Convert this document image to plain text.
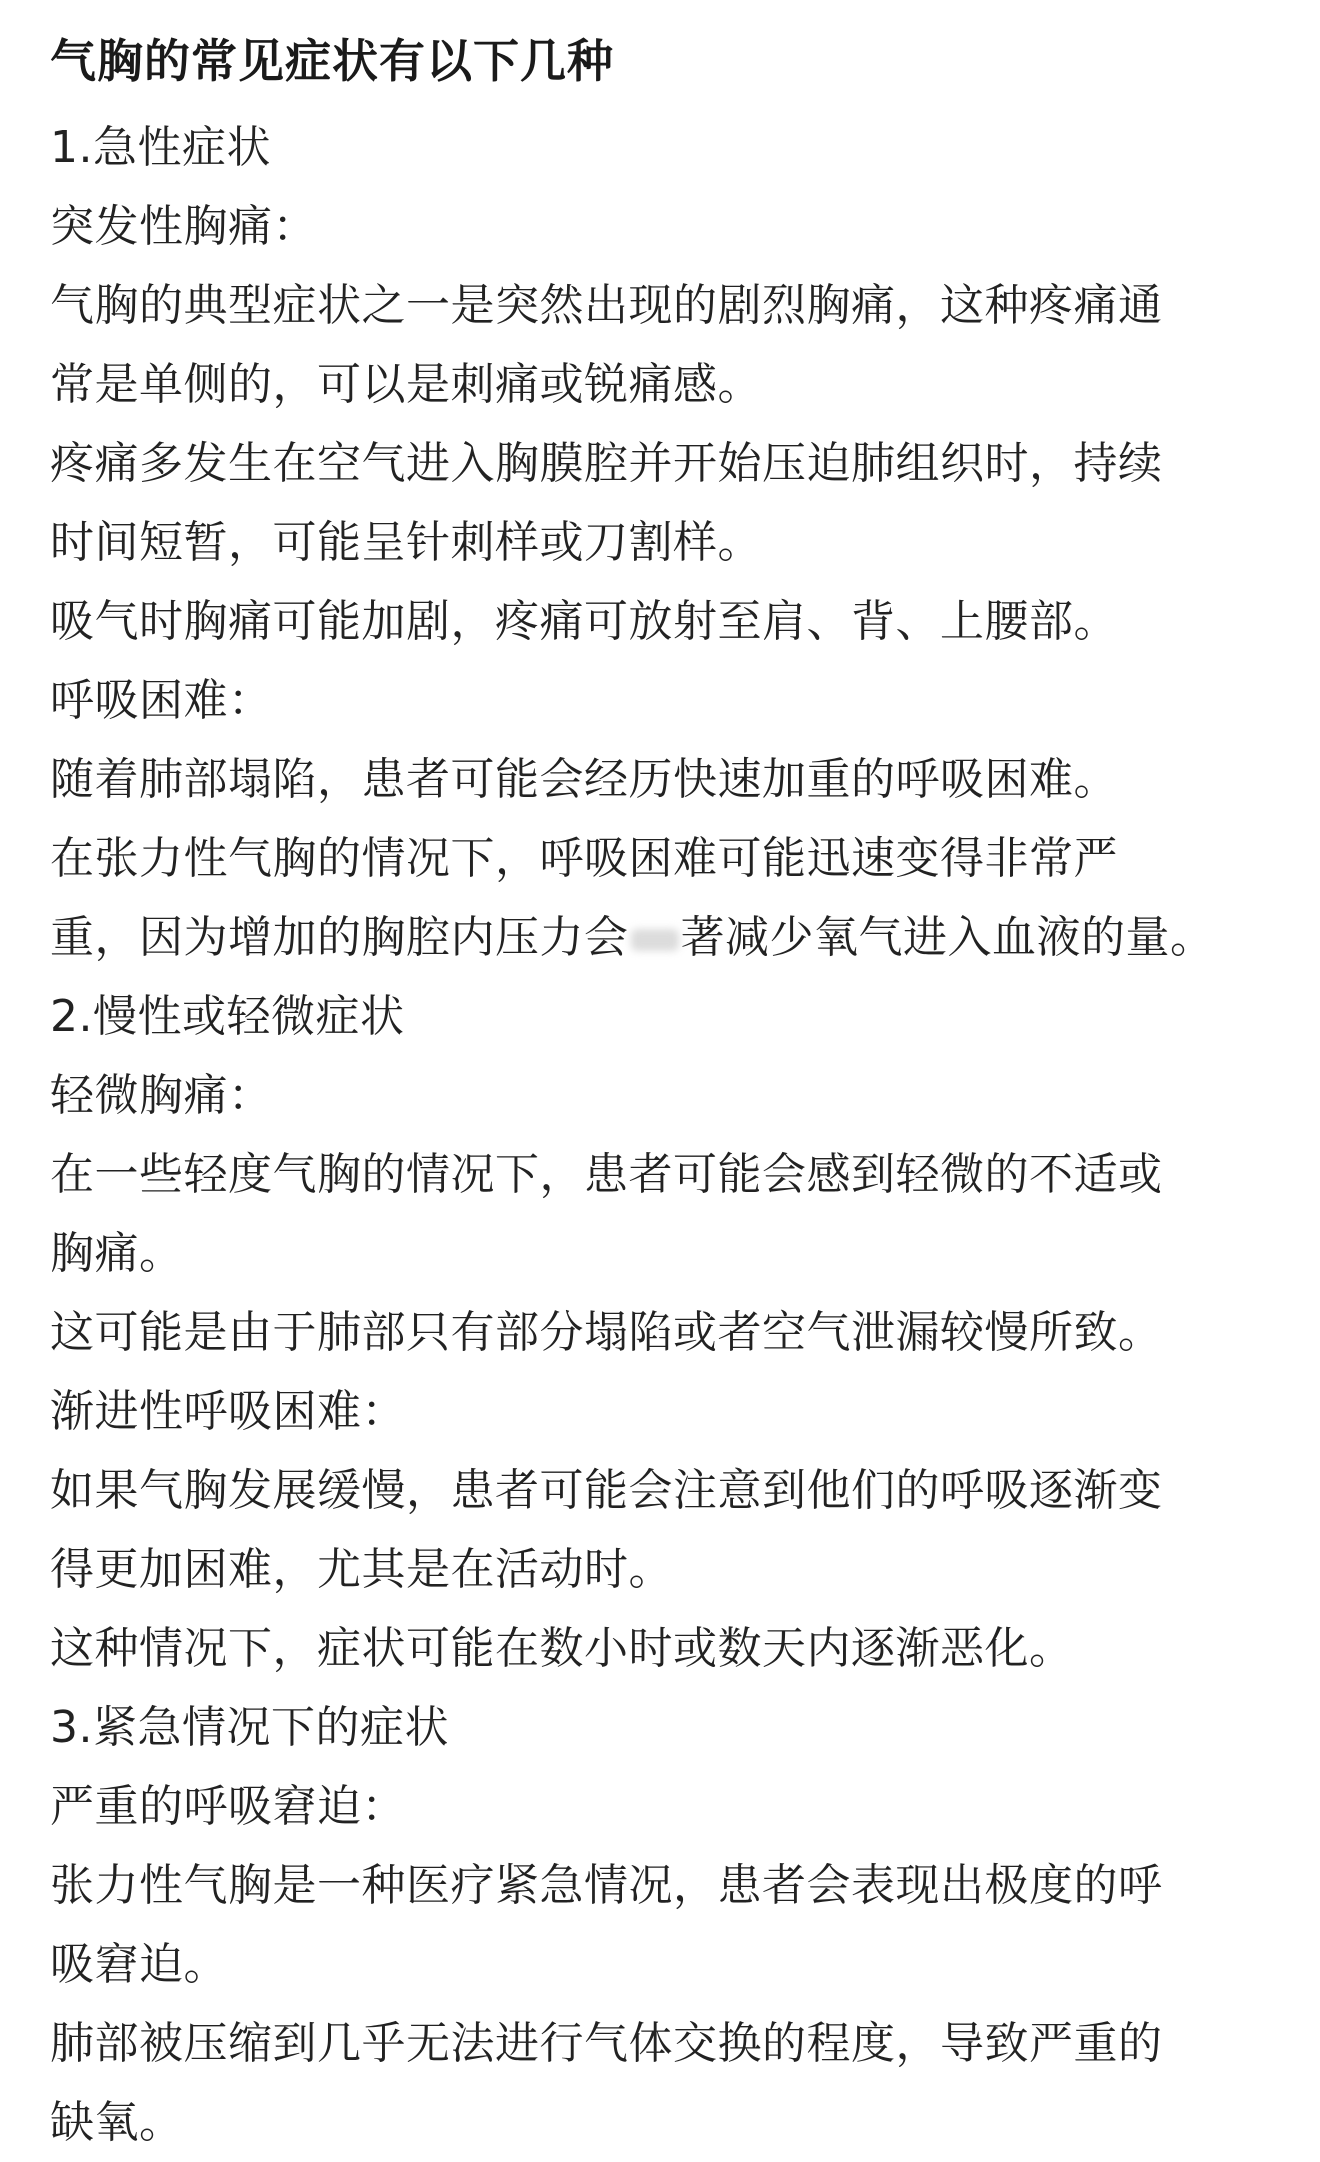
气胸的常见症状有以下几种

1.急性症状

突发性胸痛：

气胸的典型症状之一是突然出现的剧烈胸痛，这种疼痛通

常是单侧的，可以是刺痛或锐痛感。

疼痛多发生在空气进入胸膜腔并开始压迫肺组织时，持续

时间短暂，可能呈针刺样或刀割样。

吸气时胸痛可能加剧，疼痛可放射至肩、背、上腰部。

呼吸困难：

随着肺部塌陷，患者可能会经历快速加重的呼吸困难。

在张力性气胸的情况下，呼吸困难可能迅速变得非常严

重，因为增加的胸腔内压力会 著减少氧气进入血液的量。

2.慢性或轻微症状

轻微胸痛：

在一些轻度气胸的情况下，患者可能会感到轻微的不适或

胸痛。

这可能是由于肺部只有部分塌陷或者空气泄漏较慢所致。

渐进性呼吸困难：

如果气胸发展缓慢，患者可能会注意到他们的呼吸逐渐变

得更加困难，尤其是在活动时。

这种情况下，症状可能在数小时或数天内逐渐恶化。

3.紧急情况下的症状

严重的呼吸窘迫：

张力性气胸是一种医疗紧急情况，患者会表现出极度的呼

吸窘迫。

肺部被压缩到几乎无法进行气体交换的程度，导致严重的

缺氧。
